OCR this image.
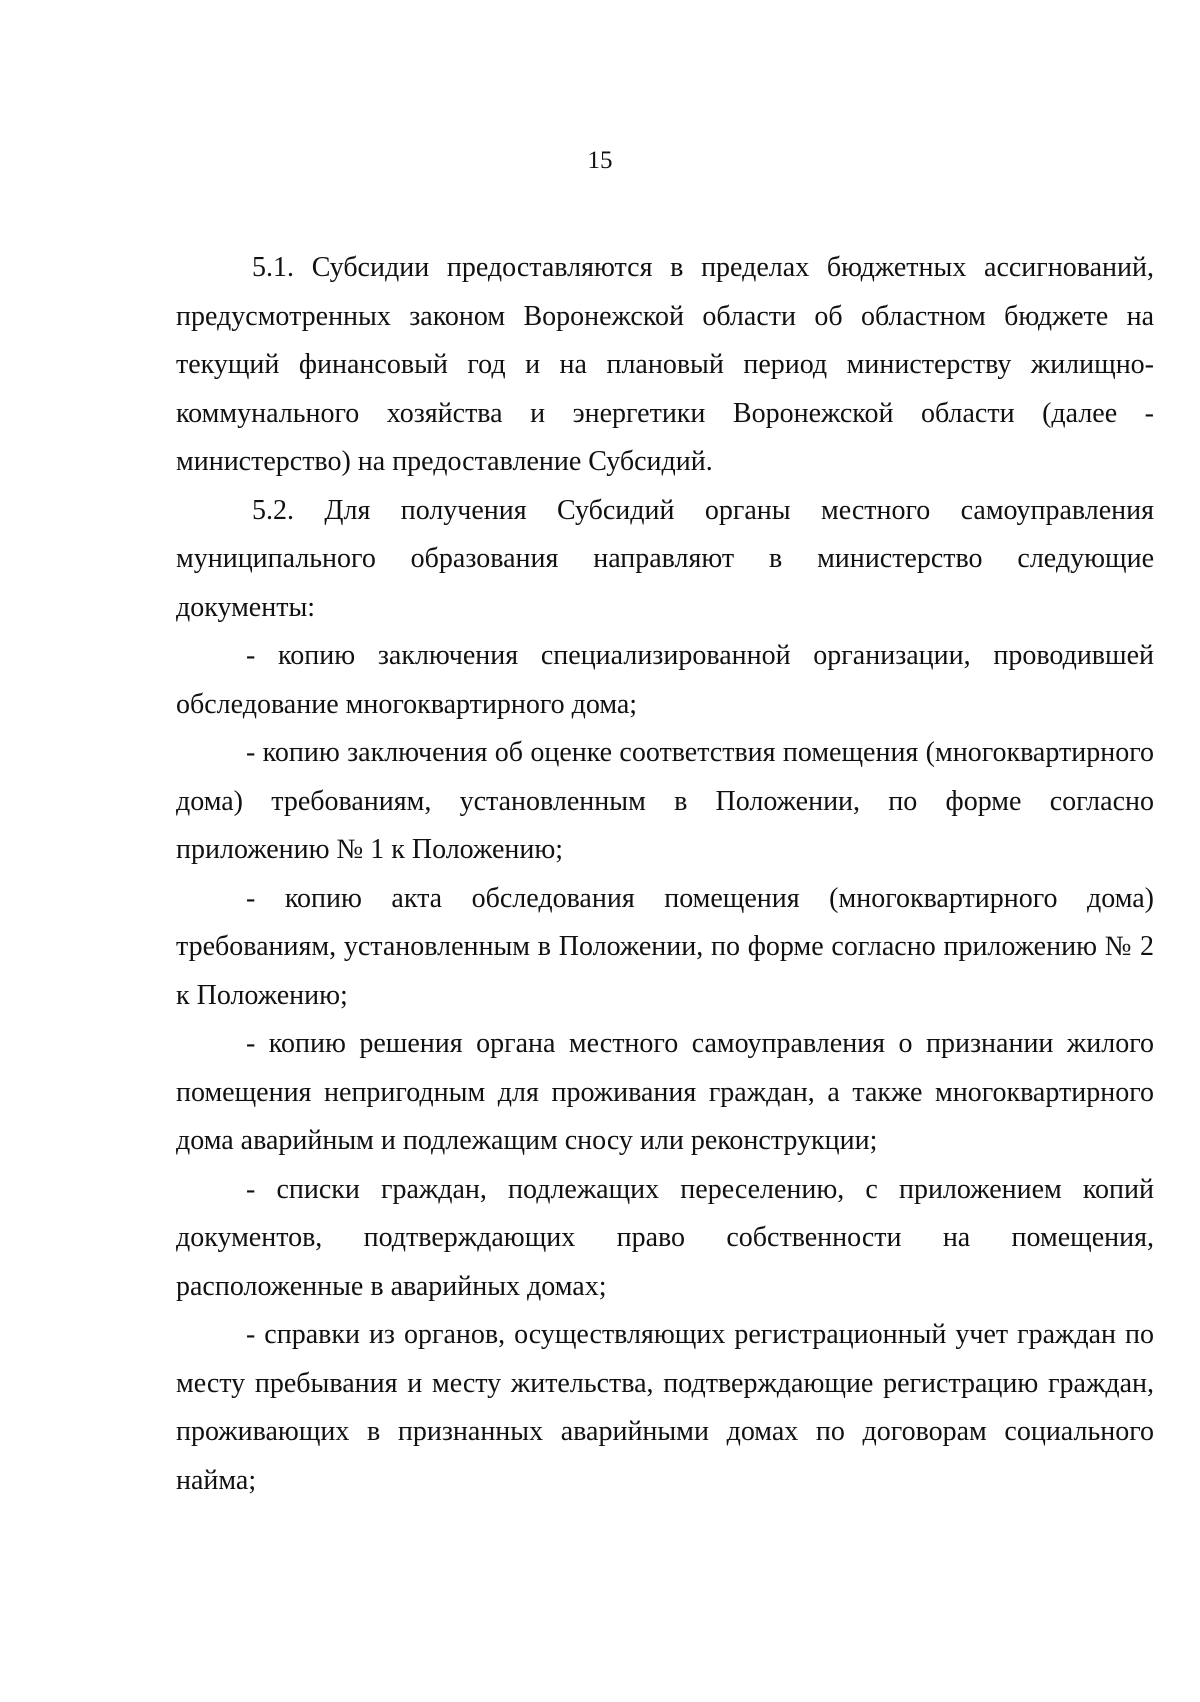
15

5.1. Субсидии предоставляются в пределах бюджетных ассигнований, предусмотренных законом Воронежской области об областном бюджете на текущий финансовый год и на плановый период министерству жилищно-коммунального хозяйства и энергетики Воронежской области (далее - министерство) на предоставление Субсидий.

5.2. Для получения Субсидий органы местного самоуправления муниципального образования направляют в министерство следующие документы:

- копию заключения специализированной организации, проводившей обследование многоквартирного дома;

- копию заключения об оценке соответствия помещения (многоквартирного дома) требованиям, установленным в Положении, по форме согласно приложению № 1 к Положению;

- копию акта обследования помещения (многоквартирного дома) требованиям, установленным в Положении, по форме согласно приложению № 2 к Положению;

- копию решения органа местного самоуправления о признании жилого помещения непригодным для проживания граждан, а также многоквартирного дома аварийным и подлежащим сносу или реконструкции;

- списки граждан, подлежащих переселению, с приложением копий документов, подтверждающих право собственности на помещения, расположенные в аварийных домах;

- справки из органов, осуществляющих регистрационный учет граждан по месту пребывания и месту жительства, подтверждающие регистрацию граждан, проживающих в признанных аварийными домах по договорам социального найма;
